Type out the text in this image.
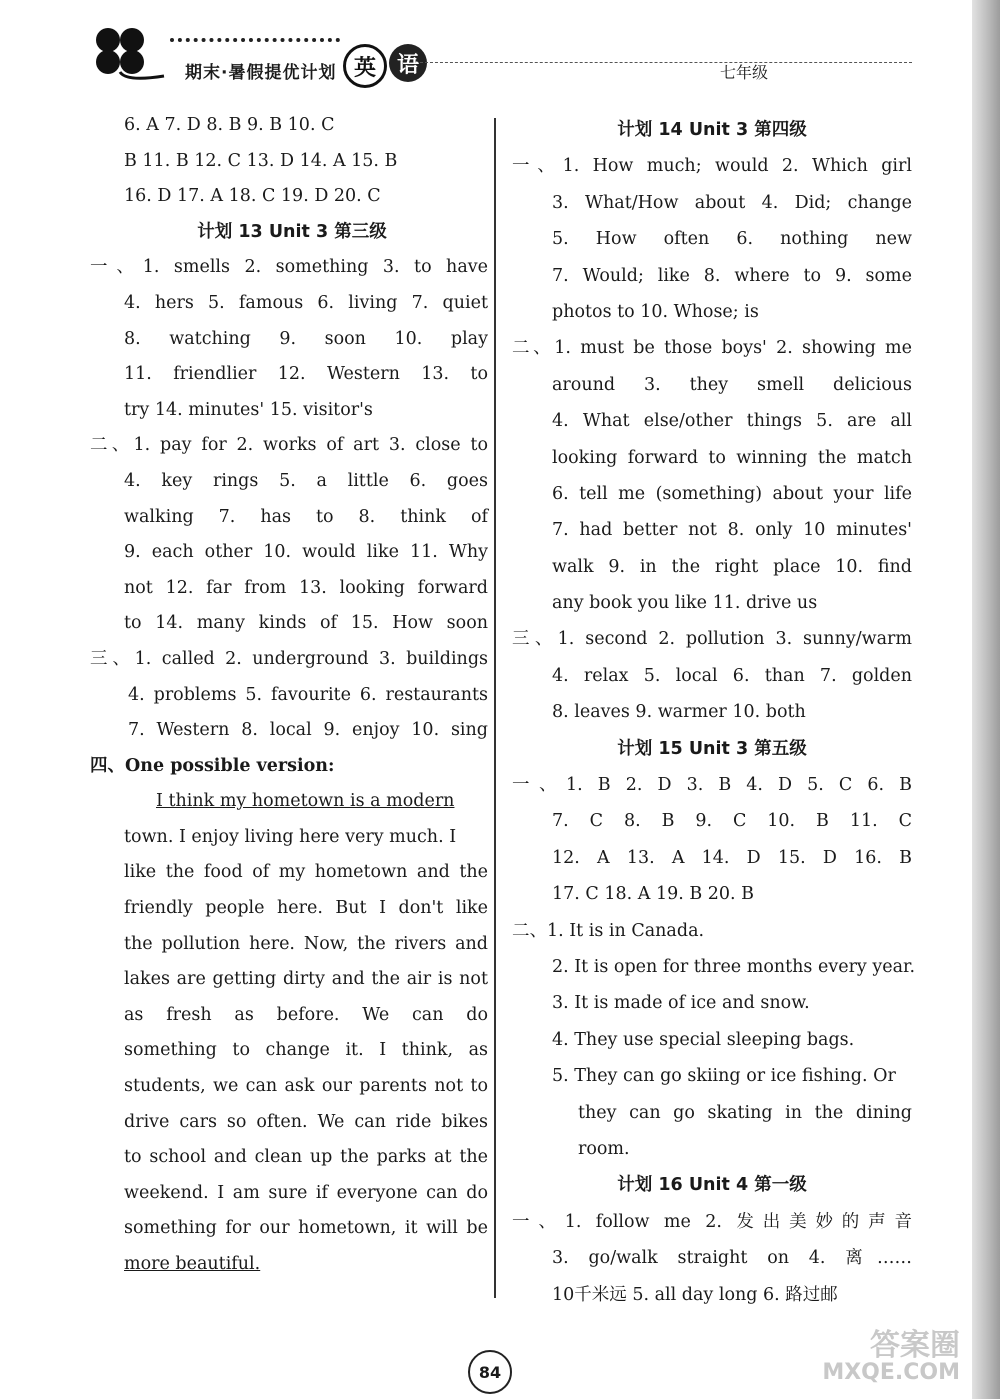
期末·暑假提优计划 英 语	七年级
6. A 7. D 8. B 9. B 10. C
B 11. B 12. C 13. D 14. A 15. B
16. D 17. A 18. C 19. D 20. C
计划 13 Unit 3 第三级
一、1. smells 2. something 3. to have
4. hers 5. famous 6. living 7. quiet
8. watching 9. soon 10. play
11. friendlier 12. Western 13. to
try 14. minutes' 15. visitor's
二、1. pay for 2. works of art 3. close to
4. key rings 5. a little 6. goes
walking 7. has to 8. think of
9. each other 10. would like 11. Why
not 12. far from 13. looking forward
to 14. many kinds of 15. How soon
三、1. called 2. underground 3. buildings
4. problems 5. favourite 6. restaurants
7. Western 8. local 9. enjoy 10. sing
四、One possible version:
I think my hometown is a modern
town. I enjoy living here very much. I
like the food of my hometown and the
friendly people here. But I don't like
the pollution here. Now, the rivers and
lakes are getting dirty and the air is not
as fresh as before. We can do
something to change it. I think, as
students, we can ask our parents not to
drive cars so often. We can ride bikes
to school and clean up the parks at the
weekend. I am sure if everyone can do
something for our hometown, it will be
more beautiful.
计划 14 Unit 3 第四级
一、1. How much; would 2. Which girl
3. What/How about 4. Did; change
5. How often 6. nothing new
7. Would; like 8. where to 9. some
photos to 10. Whose; is
二、1. must be those boys' 2. showing me
around 3. they smell delicious
4. What else/other things 5. are all
looking forward to winning the match
6. tell me (something) about your life
7. had better not 8. only 10 minutes'
walk 9. in the right place 10. find
any book you like 11. drive us
三、1. second 2. pollution 3. sunny/warm
4. relax 5. local 6. than 7. golden
8. leaves 9. warmer 10. both
计划 15 Unit 3 第五级
一、1. B 2. D 3. B 4. D 5. C 6. B
7. C 8. B 9. C 10. B 11. C
12. A 13. A 14. D 15. D 16. B
17. C 18. A 19. B 20. B
二、1. It is in Canada.
2. It is open for three months every year.
3. It is made of ice and snow.
4. They use special sleeping bags.
5. They can go skiing or ice fishing. Or
they can go skating in the dining
room.
计划 16 Unit 4 第一级
一、1. follow me 2. 发出美妙的声音
3. go/walk straight on 4. 离……
10千米远 5. all day long 6. 路过邮
84
答案圈
MXQE.COM
